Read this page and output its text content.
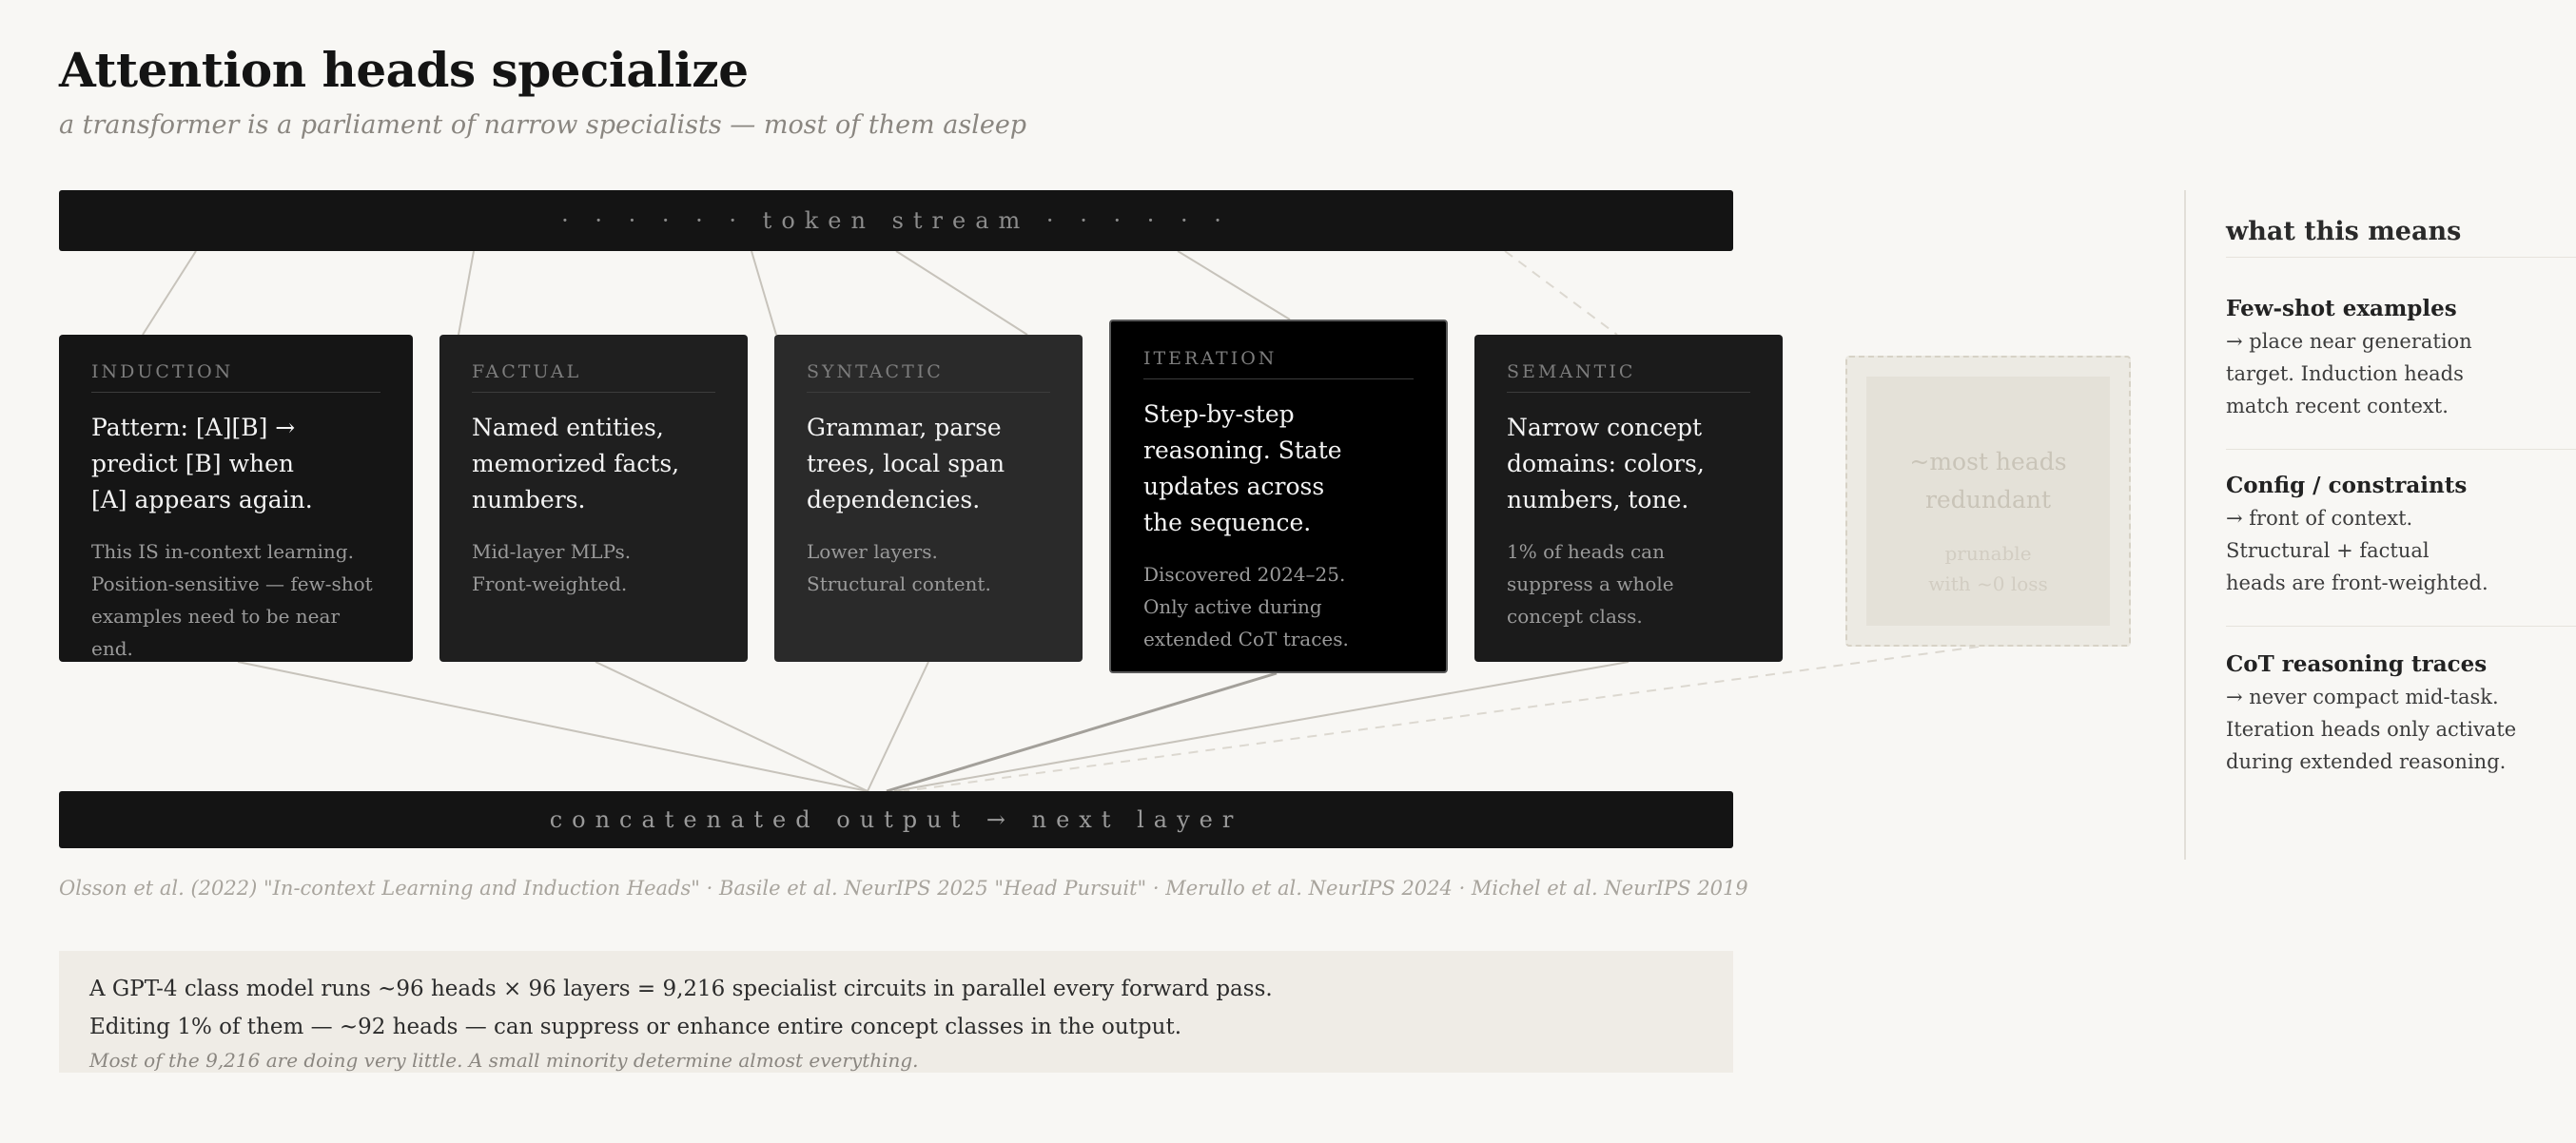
Attention heads specialize
a transformer is a parliament of narrow specialists — most of them asleep
· · · · · · token stream · · · · · ·
INDUCTION
Pattern: [A][B] →
predict [B] when
[A] appears again.
This IS in-context learning.
Position-sensitive — few-shot
examples need to be near end.
FACTUAL
Named entities,
memorized facts,
numbers.
Mid-layer MLPs.
Front-weighted.
SYNTACTIC
Grammar, parse
trees, local span
dependencies.
Lower layers.
Structural content.
ITERATION
Step-by-step
reasoning. State
updates across
the sequence.
Discovered 2024–25.
Only active during
extended CoT traces.
SEMANTIC
Narrow concept
domains: colors,
numbers, tone.
1% of heads can
suppress a whole
concept class.
~most heads
redundant
prunable
with ~0 loss
concatenated output → next layer
what this means
Few-shot examples
→ place near generation
target. Induction heads
match recent context.
Config / constraints
→ front of context.
Structural + factual
heads are front-weighted.
CoT reasoning traces
→ never compact mid-task.
Iteration heads only activate
during extended reasoning.
Olsson et al. (2022) "In-context Learning and Induction Heads" · Basile et al. NeurIPS 2025 "Head Pursuit" · Merullo et al. NeurIPS 2024 · Michel et al. NeurIPS 2019
A GPT-4 class model runs ~96 heads × 96 layers = 9,216 specialist circuits in parallel every forward pass.
Editing 1% of them — ~92 heads — can suppress or enhance entire concept classes in the output.
Most of the 9,216 are doing very little. A small minority determine almost everything.
